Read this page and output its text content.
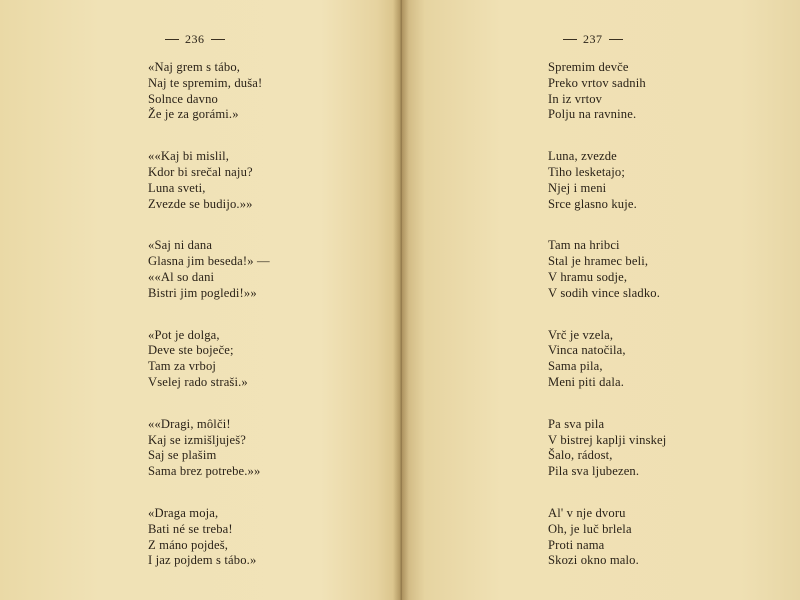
236
«Naj grem s tábo,
Naj te spremim, duša!
Solnce davno
Že je za gorámi.»
««Kaj bi mislil,
Kdor bi srečal naju?
Luna sveti,
Zvezde se budijo.»»
«Saj ni dana
Glasna jim beseda!» —
««Al so dani
Bistri jim pogledi!»»
«Pot je dolga,
Deve ste boječe;
Tam za vrboj
Vselej rado straši.»
««Dragi, môlči!
Kaj se izmišljuješ?
Saj se plašim
Sama brez potrebe.»»
«Draga moja,
Bati né se treba!
Z máno pojdeš,
I jaz pojdem s tábo.»
237
Spremim devče
Preko vrtov sadnih
In iz vrtov
Polju na ravnine.
Luna, zvezde
Tiho lesketajo;
Njej i meni
Srce glasno kuje.
Tam na hribci
Stal je hramec beli,
V hramu sodje,
V sodih vince sladko.
Vrč je vzela,
Vinca natočila,
Sama pila,
Meni piti dala.
Pa sva pila
V bistrej kaplji vinskej
Šalo, rádost,
Pila sva ljubezen.
Al' v nje dvoru
Oh, je luč brlela
Proti nama
Skozi okno malo.
